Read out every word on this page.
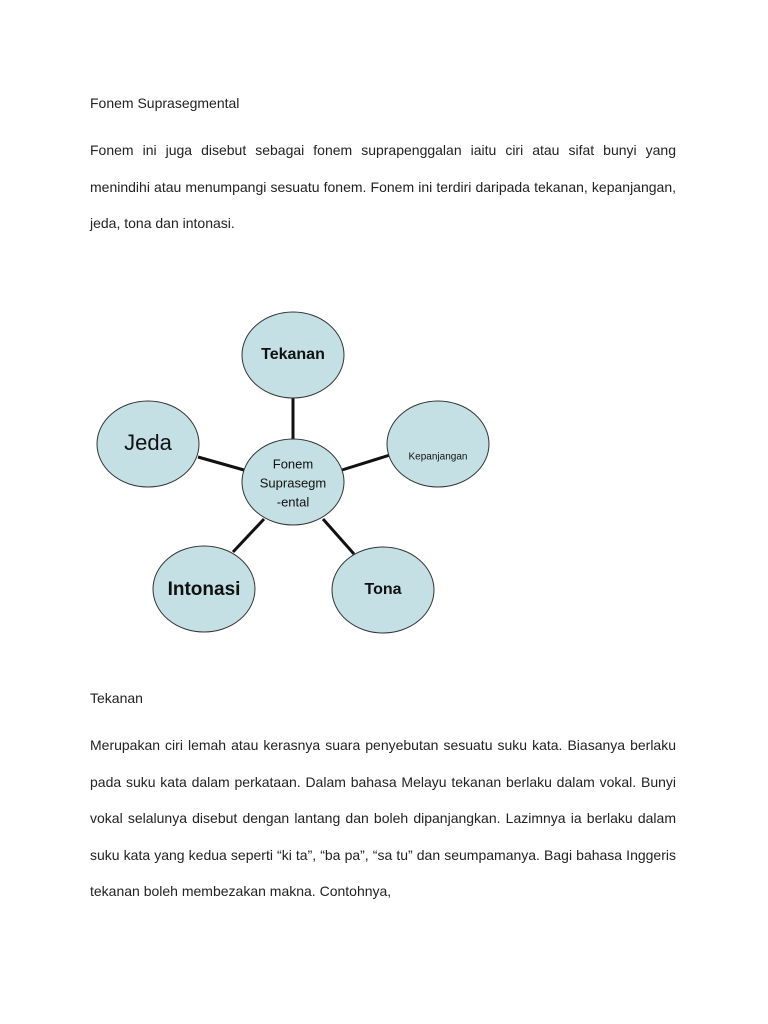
Fonem Suprasegmental
Fonem ini juga disebut sebagai fonem suprapenggalan iaitu ciri atau sifat bunyi yang menindihi atau menumpangi sesuatu fonem. Fonem ini terdiri daripada tekanan, kepanjangan, jeda, tona dan intonasi.
Tekanan
Kepanjangan
Tona
Intonasi
Jeda
Fonem
Suprasegm
-ental
Tekanan
Merupakan ciri lemah atau kerasnya suara penyebutan sesuatu suku kata. Biasanya berlaku pada suku kata dalam perkataan. Dalam bahasa Melayu tekanan berlaku dalam vokal. Bunyi vokal selalunya disebut dengan lantang dan boleh dipanjangkan. Lazimnya ia berlaku dalam suku kata yang kedua seperti “ki ta”, “ba pa”, “sa tu” dan seumpamanya. Bagi bahasa Inggeris tekanan boleh membezakan makna. Contohnya,
